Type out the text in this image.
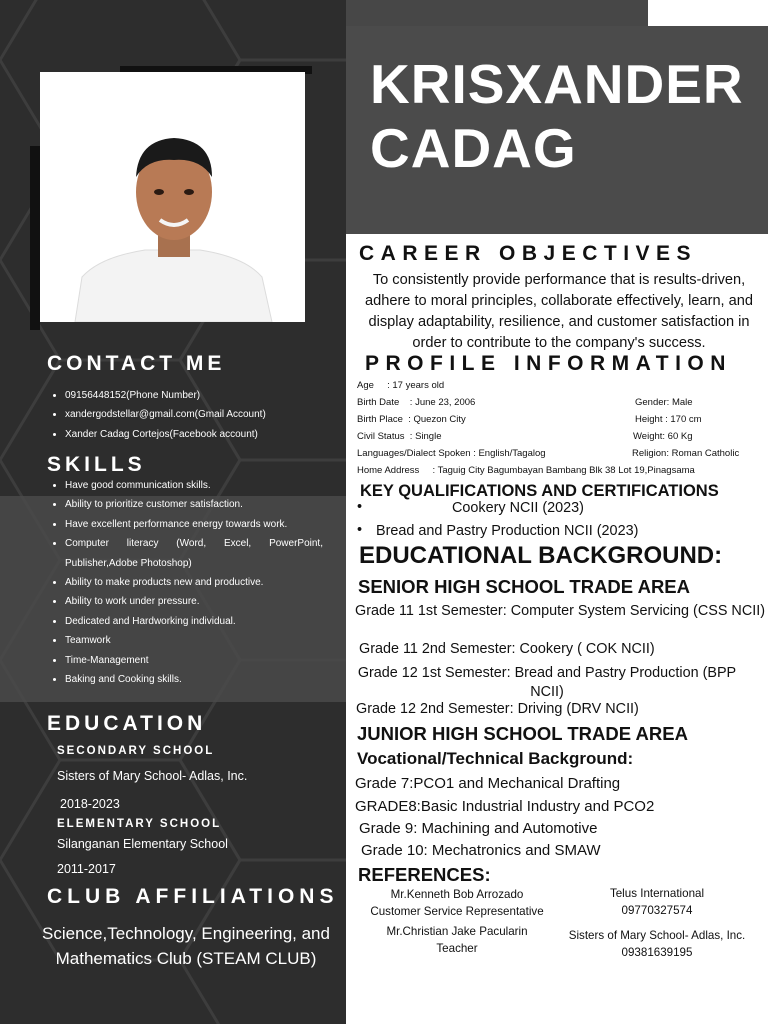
KRISXANDER
CADAG
CONTACT ME
• 09156448152(Phone Number)
• xandergodstellar@gmail.com(Gmail Account)
• Xander Cadag Cortejos(Facebook account)
SKILLS
• Have good communication skills.
• Ability to prioritize customer satisfaction.
• Have excellent performance energy towards work.
• Computer literacy (Word, Excel, PowerPoint, Publisher,Adobe Photoshop)
• Ability to make products new and productive.
• Ability to work under pressure.
• Dedicated and Hardworking individual.
• Teamwork
• Time-Management
• Baking and Cooking skills.
EDUCATION
SECONDARY SCHOOL
Sisters of Mary School- Adlas, Inc.
2018-2023
ELEMENTARY SCHOOL
Silanganan Elementary School
2011-2017
CLUB AFFILIATIONS
Science,Technology, Engineering, and Mathematics Club (STEAM CLUB)
CAREER OBJECTIVES
To consistently provide performance that is results-driven, adhere to moral principles, collaborate effectively, learn, and display adaptability, resilience, and customer satisfaction in order to contribute to the company's success.
PROFILE INFORMATION
Age     : 17 years old
Birth Date    : June 23, 2006	Gender: Male
Birth Place  : Quezon City	Height : 170 cm
Civil Status  : Single	Weight: 60 Kg
Languages/Dialect Spoken : English/Tagalog	Religion: Roman Catholic
Home Address     : Taguig City Bagumbayan Bambang Blk 38 Lot 19,Pinagsama
KEY QUALIFICATIONS AND CERTIFICATIONS
•	Cookery NCII (2023)
• Bread and Pastry Production NCII (2023)
EDUCATIONAL BACKGROUND:
SENIOR HIGH SCHOOL TRADE AREA
Grade 11 1st Semester: Computer System Servicing (CSS NCII)
Grade 11 2nd Semester: Cookery ( COK NCII)
Grade 12 1st Semester: Bread and Pastry Production (BPP NCII)
Grade 12 2nd Semester: Driving (DRV NCII)
JUNIOR HIGH SCHOOL TRADE AREA
Vocational/Technical Background:
Grade 7:PCO1 and Mechanical Drafting
GRADE8:Basic Industrial Industry and PCO2
Grade 9: Machining and Automotive
Grade 10: Mechatronics and SMAW
REFERENCES:
Mr.Kenneth Bob Arrozado
Customer Service Representative
Telus International
09770327574
Mr.Christian Jake Pacularin
Teacher
Sisters of Mary School- Adlas, Inc.
09381639195
